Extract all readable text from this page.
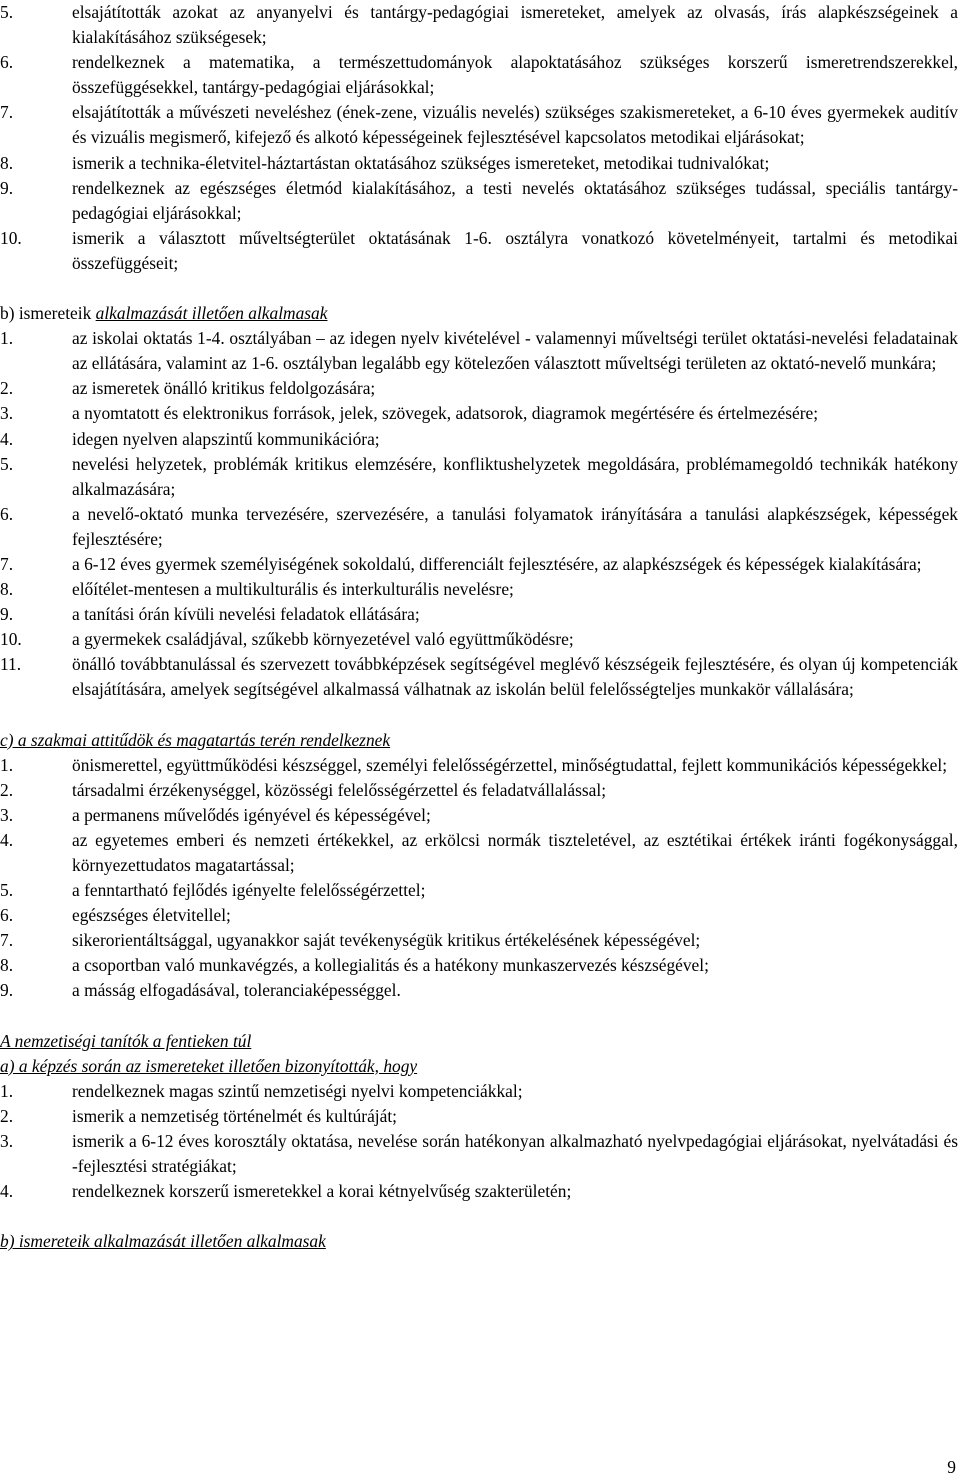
5.	elsajátították azokat az anyanyelvi és tantárgy-pedagógiai ismereteket, amelyek az olvasás, írás alapkészségeinek a kialakításához szükségesek;
6.	rendelkeznek a matematika, a természettudományok alapoktatásához szükséges korszerű ismeretrendszerekkel, összefüggésekkel, tantárgy-pedagógiai eljárásokkal;
7.	elsajátították a művészeti neveléshez (ének-zene, vizuális nevelés) szükséges szakismereteket, a 6-10 éves gyermekek auditív és vizuális megismerő, kifejező és alkotó képességeinek fejlesztésével kapcsolatos metodikai eljárásokat;
8.	ismerik a technika-életvitel-háztartástan oktatásához szükséges ismereteket, metodikai tudnivalókat;
9.	rendelkeznek az egészséges életmód kialakításához, a testi nevelés oktatásához szükséges tudással, speciális tantárgy-pedagógiai eljárásokkal;
10.	ismerik a választott műveltségterület oktatásának 1-6. osztályra vonatkozó követelményeit, tartalmi és metodikai összefüggéseit;
b) ismereteik alkalmazását illetően alkalmasak
1.	az iskolai oktatás 1-4. osztályában – az idegen nyelv kivételével - valamennyi műveltségi terület oktatási-nevelési feladatainak az ellátására, valamint az 1-6. osztályban legalább egy kötelezően választott műveltségi területen az oktató-nevelő munkára;
2.	az ismeretek önálló kritikus feldolgozására;
3.	a nyomtatott és elektronikus források, jelek, szövegek, adatsorok, diagramok megértésére és értelmezésére;
4.	idegen nyelven alapszintű kommunikációra;
5.	nevelési helyzetek, problémák kritikus elemzésére, konfliktushelyzetek megoldására, problémamegoldó technikák hatékony alkalmazására;
6.	a nevelő-oktató munka tervezésére, szervezésére, a tanulási folyamatok irányítására a tanulási alapkészségek, képességek fejlesztésére;
7.	a 6-12 éves gyermek személyiségének sokoldalú, differenciált fejlesztésére, az alapkészségek és képességek kialakítására;
8.	előítélet-mentesen a multikulturális és interkulturális nevelésre;
9.	a tanítási órán kívüli nevelési feladatok ellátására;
10.	a gyermekek családjával, szűkebb környezetével való együttműködésre;
11.	önálló továbbtanulással és szervezett továbbképzések segítségével meglévő készségeik fejlesztésére, és olyan új kompetenciák elsajátítására, amelyek segítségével alkalmassá válhatnak az iskolán belül felelősségteljes munkakör vállalására;
c) a szakmai attitűdök és magatartás terén rendelkeznek
1.	önismerettel, együttműködési készséggel, személyi felelősségérzettel, minőségtudattal, fejlett kommunikációs képességekkel;
2.	társadalmi érzékenységgel, közösségi felelősségérzettel és feladatvállalással;
3.	a permanens művelődés igényével és képességével;
4.	az egyetemes emberi és nemzeti értékekkel, az erkölcsi normák tiszteletével, az esztétikai értékek iránti fogékonysággal, környezettudatos magatartással;
5.	a fenntartható fejlődés igényelte felelősségérzettel;
6.	egészséges életvitellel;
7.	sikerorientáltsággal, ugyanakkor saját tevékenységük kritikus értékelésének képességével;
8.	a csoportban való munkavégzés, a kollegialitás és a hatékony munkaszervezés készségével;
9.	a másság elfogadásával, toleranciaképességgel.
A nemzetiségi tanítók a fentieken túl
a) a képzés során az ismereteket illetően bizonyították, hogy
1.	rendelkeznek magas szintű nemzetiségi nyelvi kompetenciákkal;
2.	ismerik a nemzetiség történelmét és kultúráját;
3.	ismerik a 6-12 éves korosztály oktatása, nevelése során hatékonyan alkalmazható nyelvpedagógiai eljárásokat, nyelvátadási és -fejlesztési stratégiákat;
4.	rendelkeznek korszerű ismeretekkel a korai kétnyelvűség szakterületén;
b) ismereteik alkalmazását illetően alkalmasak
9
